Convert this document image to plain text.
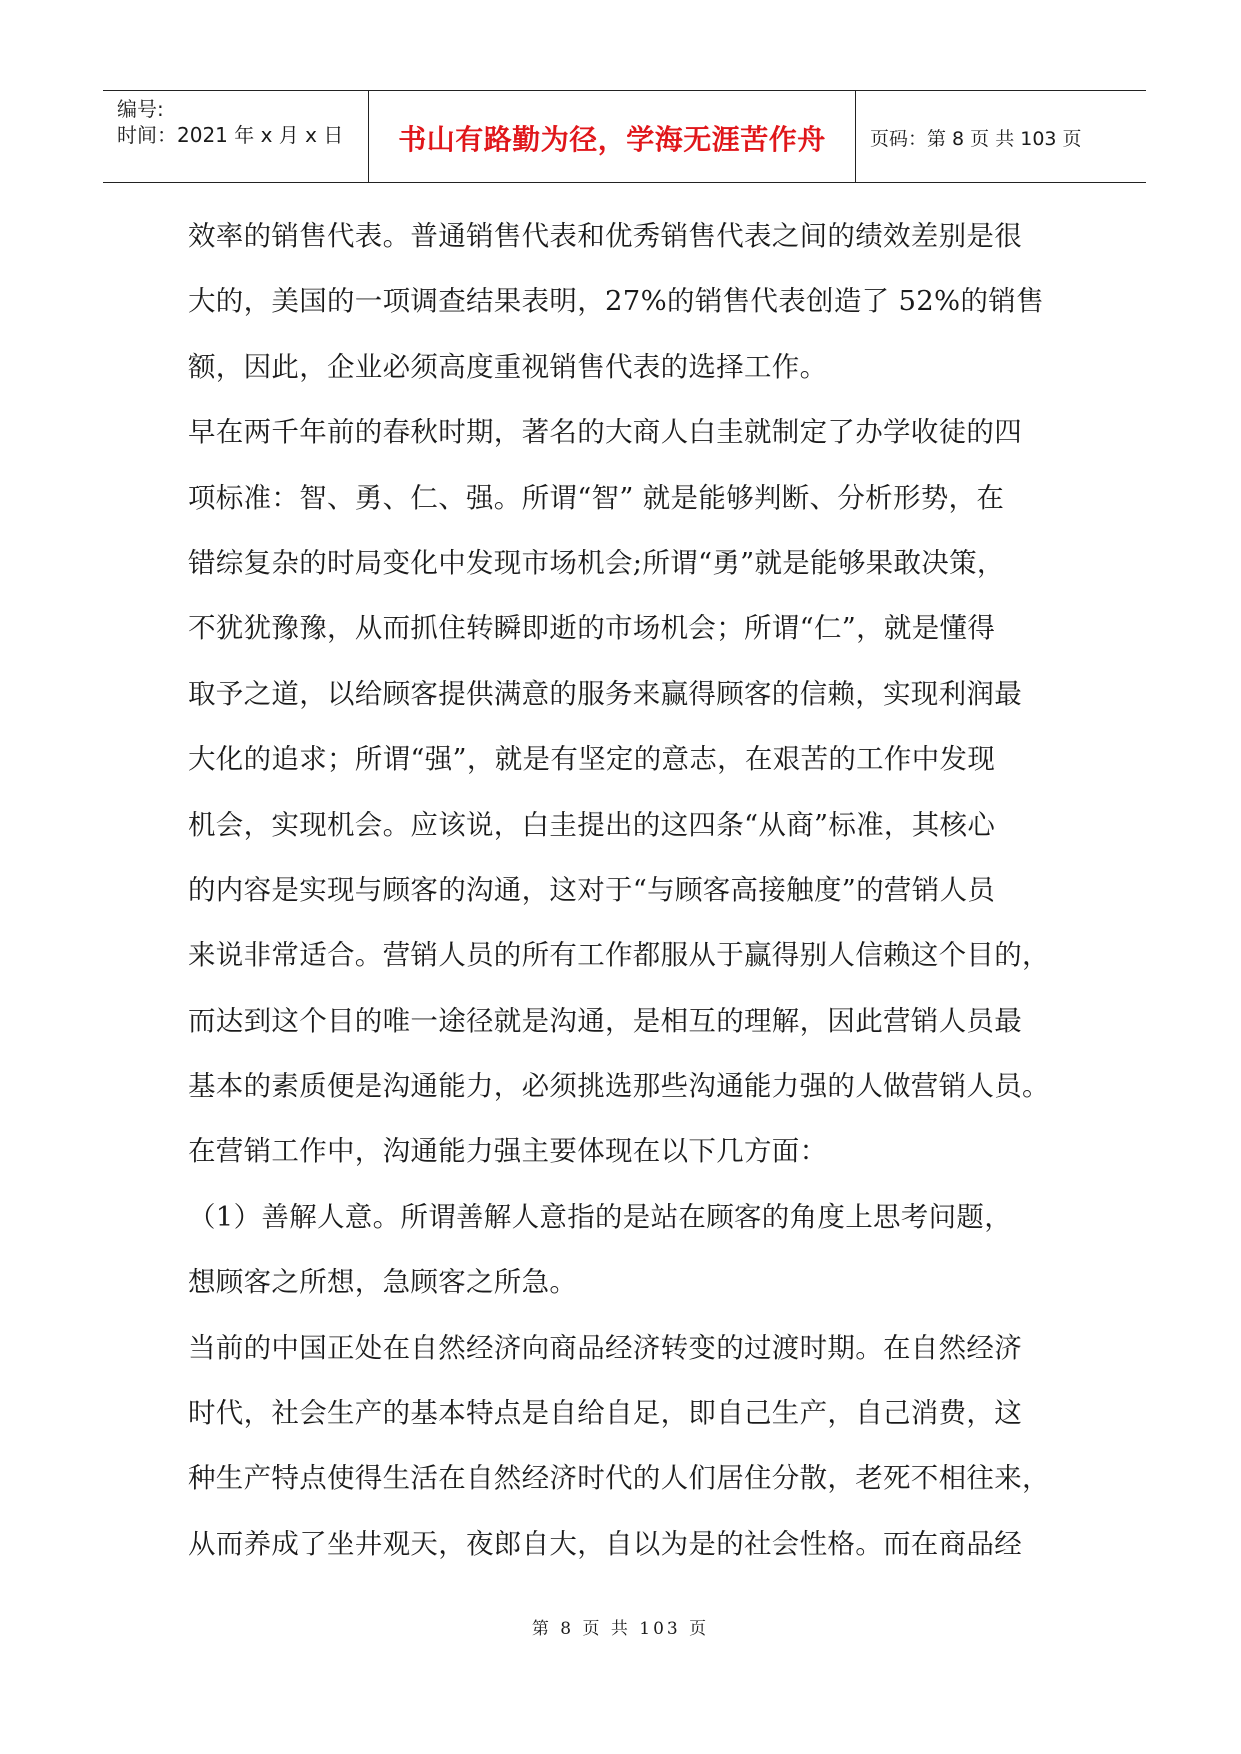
编号:
时间：2021 年 x 月 x 日	书山有路勤为径，学海无涯苦作舟	页码：第 8 页 共 103 页
效率的销售代表。普通销售代表和优秀销售代表之间的绩效差别是很
大的，美国的一项调查结果表明，27%的销售代表创造了 52%的销售
额，因此，企业必须高度重视销售代表的选择工作。
早在两千年前的春秋时期，著名的大商人白圭就制定了办学收徒的四
项标准：智、勇、仁、强。所谓“智” 就是能够判断、分析形势，在
错综复杂的时局变化中发现市场机会;所谓“勇”就是能够果敢决策，
不犹犹豫豫，从而抓住转瞬即逝的市场机会；所谓“仁”，就是懂得
取予之道，以给顾客提供满意的服务来赢得顾客的信赖，实现利润最
大化的追求；所谓“强”，就是有坚定的意志，在艰苦的工作中发现
机会，实现机会。应该说，白圭提出的这四条“从商”标准，其核心
的内容是实现与顾客的沟通，这对于“与顾客高接触度”的营销人员
来说非常适合。营销人员的所有工作都服从于赢得别人信赖这个目的，
而达到这个目的唯一途径就是沟通，是相互的理解，因此营销人员最
基本的素质便是沟通能力，必须挑选那些沟通能力强的人做营销人员。
在营销工作中，沟通能力强主要体现在以下几方面：
（1）善解人意。所谓善解人意指的是站在顾客的角度上思考问题，
想顾客之所想，急顾客之所急。
当前的中国正处在自然经济向商品经济转变的过渡时期。在自然经济
时代，社会生产的基本特点是自给自足，即自己生产，自己消费，这
种生产特点使得生活在自然经济时代的人们居住分散，老死不相往来，
从而养成了坐井观天，夜郎自大，自以为是的社会性格。而在商品经
第 8 页 共 103 页
